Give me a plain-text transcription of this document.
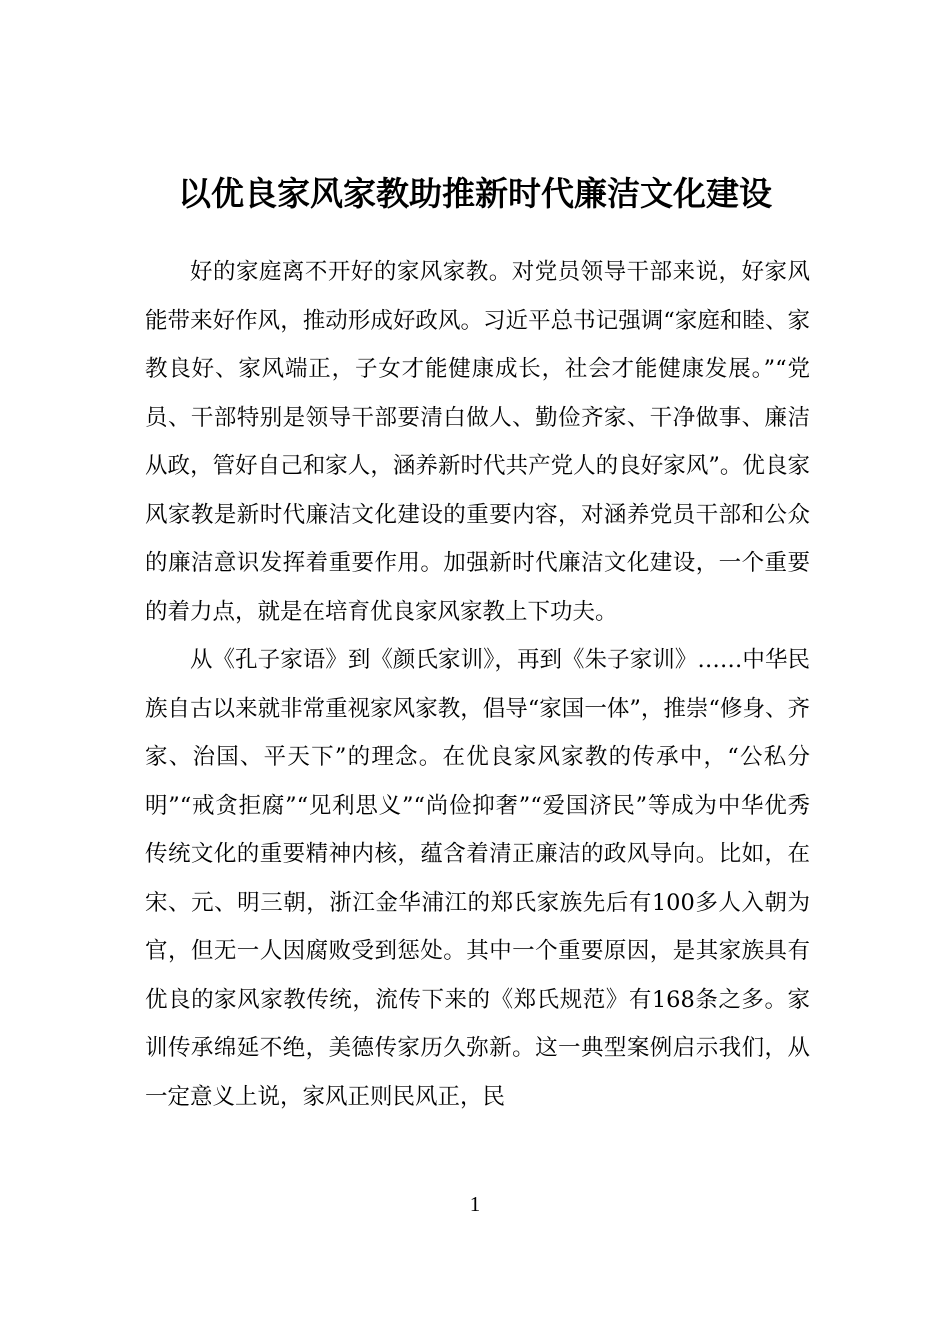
以优良家风家教助推新时代廉洁文化建设

好的家庭离不开好的家风家教。对党员领导干部来说，好家风能带来好作风，推动形成好政风。习近平总书记强调“家庭和睦、家教良好、家风端正，子女才能健康成长，社会才能健康发展。”“党员、干部特别是领导干部要清白做人、勤俭齐家、干净做事、廉洁从政，管好自己和家人，涵养新时代共产党人的良好家风”。优良家风家教是新时代廉洁文化建设的重要内容，对涵养党员干部和公众的廉洁意识发挥着重要作用。加强新时代廉洁文化建设，一个重要的着力点，就是在培育优良家风家教上下功夫。

从《孔子家语》到《颜氏家训》，再到《朱子家训》……中华民族自古以来就非常重视家风家教，倡导“家国一体”，推崇“修身、齐家、治国、平天下”的理念。在优良家风家教的传承中，“公私分明”“戒贪拒腐”“见利思义”“尚俭抑奢”“爱国济民”等成为中华优秀传统文化的重要精神内核，蕴含着清正廉洁的政风导向。比如，在宋、元、明三朝，浙江金华浦江的郑氏家族先后有100多人入朝为官，但无一人因腐败受到惩处。其中一个重要原因，是其家族具有优良的家风家教传统，流传下来的《郑氏规范》有168条之多。家训传承绵延不绝，美德传家历久弥新。这一典型案例启示我们，从一定意义上说，家风正则民风正，民

1
